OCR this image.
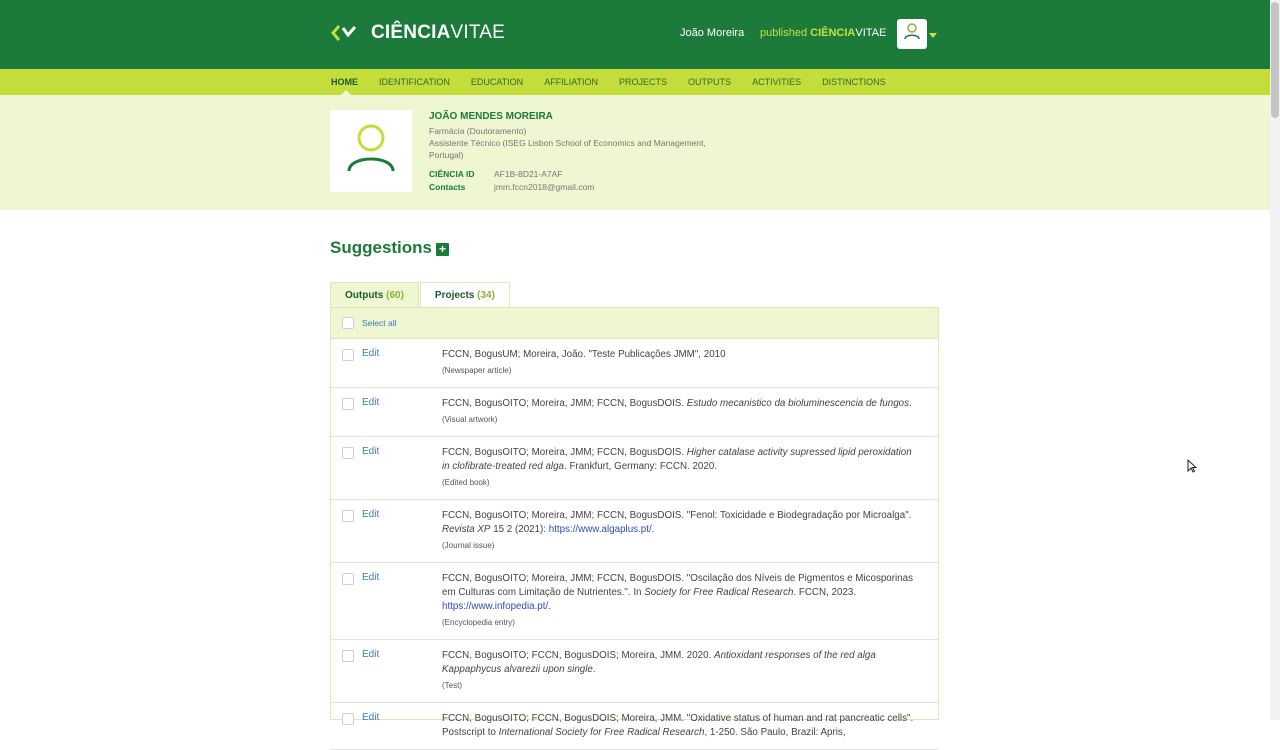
CIÊNCIAVITAE	João Moreira published CIÊNCIAVITAE
HOME IDENTIFICATION EDUCATION AFFILIATION PROJECTS OUTPUTS ACTIVITIES DISTINCTIONS
JOÃO MENDES MOREIRA
Farmácia (Doutoramento)
Assistente Técnico (ISEG Lisbon School of Economics and Management, Portugal)
CIÊNCIA ID	AF1B-8D21-A7AF
Contacts	jmm.fccn2018@gmail.com
Suggestions +
Outputs (60)	Projects (34)
Select all
Edit	FCCN, BogusUM; Moreira, João. "Teste Publicações JMM", 2010
(Newspaper article)
Edit	FCCN, BogusOITO; Moreira, JMM; FCCN, BogusDOIS. Estudo mecanistico da bioluminescencia de fungos.
(Visual artwork)
Edit	FCCN, BogusOITO; Moreira, JMM; FCCN, BogusDOIS. Higher catalase activity supressed lipid peroxidation in clofibrate-treated red alga. Frankfurt, Germany: FCCN. 2020.
(Edited book)
Edit	FCCN, BogusOITO; Moreira, JMM; FCCN, BogusDOIS. "Fenol: Toxicidade e Biodegradação por Microalga". Revista XP 15 2 (2021): https://www.algaplus.pt/.
(Journal issue)
Edit	FCCN, BogusOITO; Moreira, JMM; FCCN, BogusDOIS. "Oscilação dos Níveis de Pigmentos e Micosporinas em Culturas com Limitação de Nutrientes.". In Society for Free Radical Research. FCCN, 2023. https://www.infopedia.pt/.
(Encyclopedia entry)
Edit	FCCN, BogusOITO; FCCN, BogusDOIS; Moreira, JMM. 2020. Antioxidant responses of the red alga Kappaphycus alvarezii upon single.
(Test)
Edit	FCCN, BogusOITO; FCCN, BogusDOIS; Moreira, JMM. "Oxidative status of human and rat pancreatic cells". Postscript to International Society for Free Radical Research, 1-250. São Paulo, Brazil: Apris,
